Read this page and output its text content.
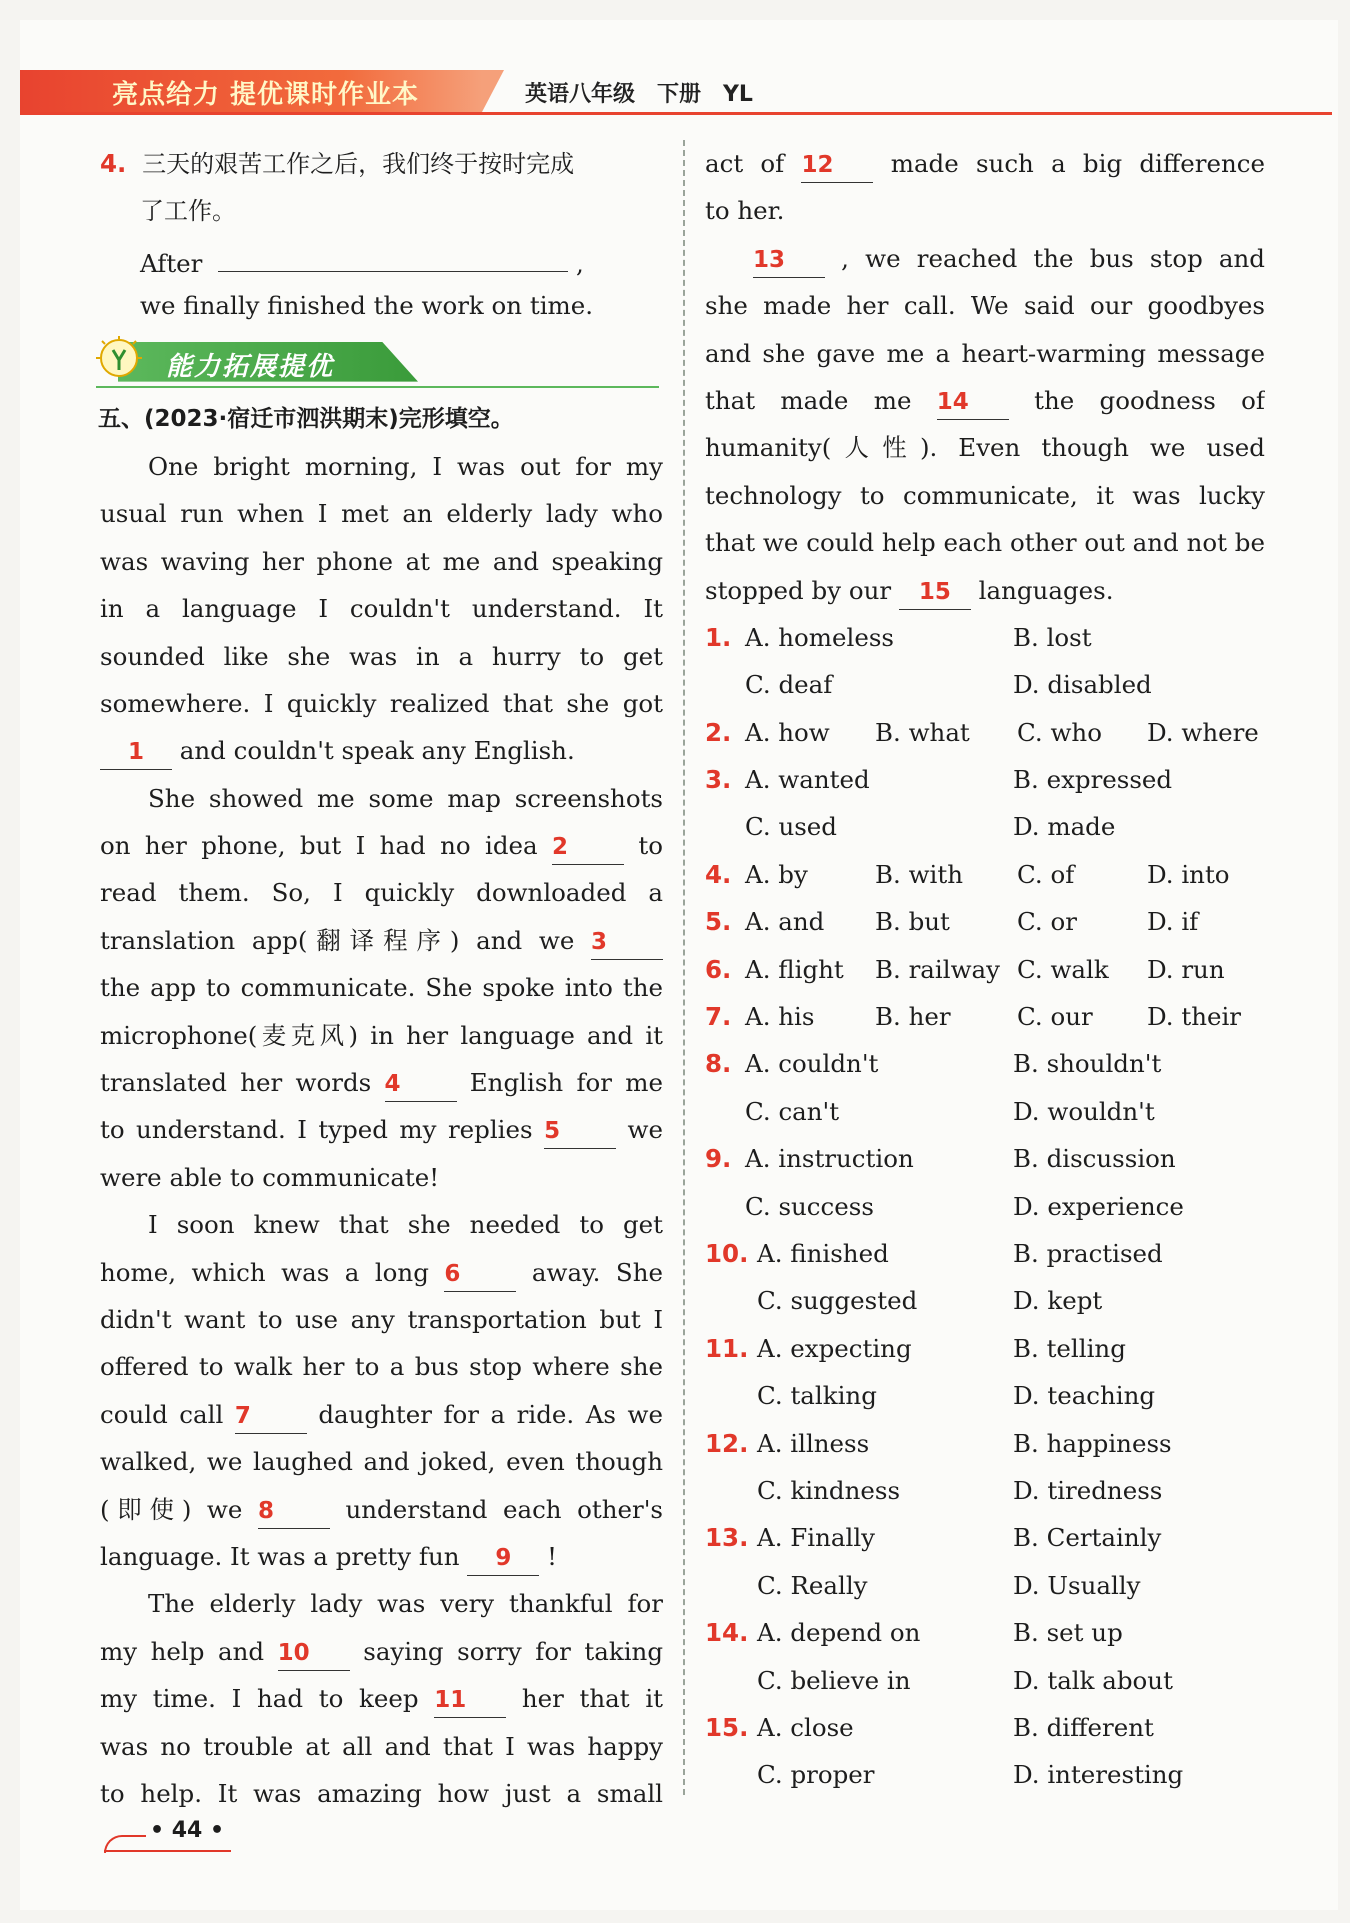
亮点给力 提优课时作业本	英语八年级　下册　YL
4. 三天的艰苦工作之后，我们终于按时完成
了工作。
After	,
we finally finished the work on time.
能力拓展提优
五、(2023·宿迁市泗洪期末)完形填空。
One bright morning, I was out for my
usual run when I met an elderly lady who
was waving her phone at me and speaking
in a language I couldn't understand. It
sounded like she was in a hurry to get
somewhere. I quickly realized that she got
1 and couldn't speak any English.
She showed me some map screenshots
on her phone, but I had no idea 2 to
read them. So, I quickly downloaded a
translation app(翻译程序) and we 3
the app to communicate. She spoke into the
microphone(麦克风) in her language and it
translated her words 4 English for me
to understand. I typed my replies 5 we
were able to communicate!
I soon knew that she needed to get
home, which was a long 6 away. She
didn't want to use any transportation but I
offered to walk her to a bus stop where she
could call 7 daughter for a ride. As we
walked, we laughed and joked, even though
(即使) we 8 understand each other's
language. It was a pretty fun 9 !
The elderly lady was very thankful for
my help and 10 saying sorry for taking
my time. I had to keep 11 her that it
was no trouble at all and that I was happy
to help. It was amazing how just a small
act of 12 made such a big difference
to her.
13 , we reached the bus stop and
she made her call. We said our goodbyes
and she gave me a heart-warming message
that made me 14 the goodness of
humanity(人性). Even though we used
technology to communicate, it was lucky
that we could help each other out and not be
stopped by our 15 languages.
1. A. homeless	B. lost
C. deaf	D. disabled
2. A. how	B. what	C. who	D. where
3. A. wanted	B. expressed
C. used	D. made
4. A. by	B. with	C. of	D. into
5. A. and	B. but	C. or	D. if
6. A. flight	B. railway C. walk	D. run
7. A. his	B. her	C. our	D. their
8. A. couldn't	B. shouldn't
C. can't	D. wouldn't
9. A. instruction	B. discussion
C. success	D. experience
10. A. finished	B. practised
C. suggested	D. kept
11. A. expecting	B. telling
C. talking	D. teaching
12. A. illness	B. happiness
C. kindness	D. tiredness
13. A. Finally	B. Certainly
C. Really	D. Usually
14. A. depend on	B. set up
C. believe in	D. talk about
15. A. close	B. different
C. proper	D. interesting
• 44 •
